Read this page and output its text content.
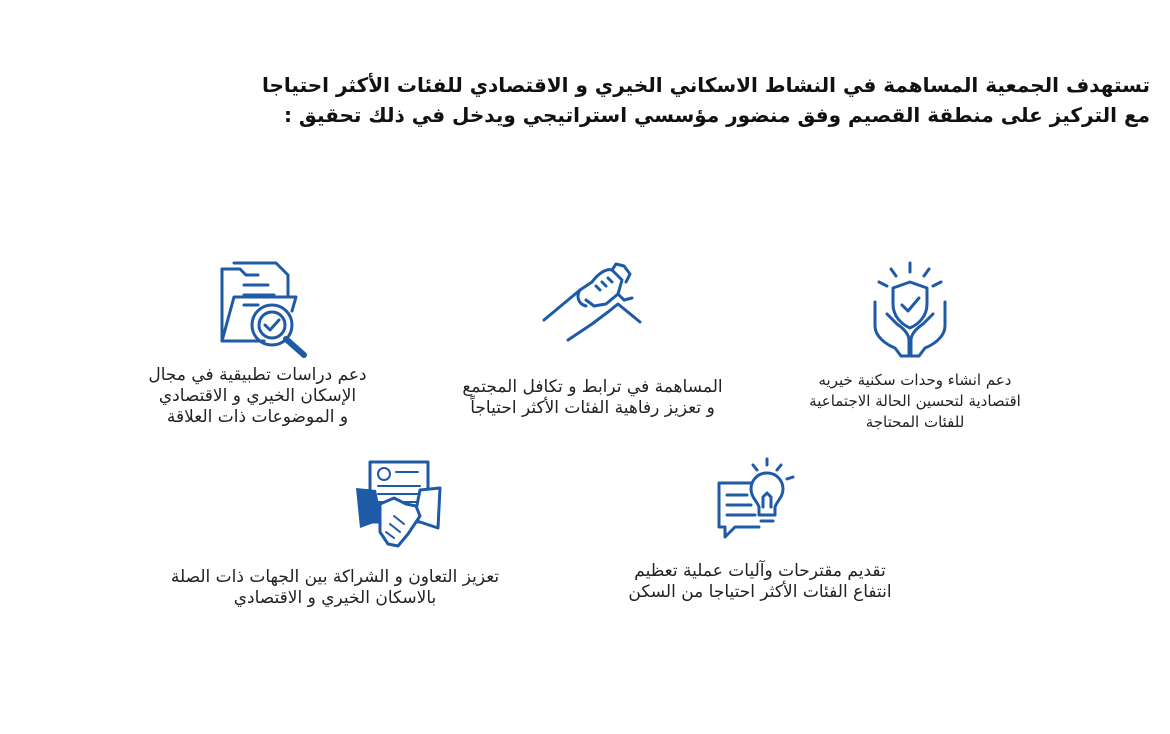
تستهدف الجمعية المساهمة في النشاط الاسكاني الخيري و الاقتصادي للفئات الأكثر احتياجا
مع التركيز على منطقة القصيم وفق منضور مؤسسي استراتيجي ويدخل في ذلك تحقيق :
دعم انشاء وحدات سكنية خيريه
اقتصادية لتحسين الحالة الاجتماعية
للفئات المحتاجة
المساهمة في ترابط و تكافل المجتمع
و تعزيز رفاهية الفئات الأكثر احتياجاً
دعم دراسات تطبيقية في مجال
الإسكان الخيري و الاقتصادي
و الموضوعات ذات العلاقة
تقديم مقترحات وآليات عملية تعظيم
انتفاع الفئات الأكثر احتياجا من السكن
تعزيز التعاون و الشراكة بين الجهات ذات الصلة
بالاسكان الخيري و الاقتصادي
